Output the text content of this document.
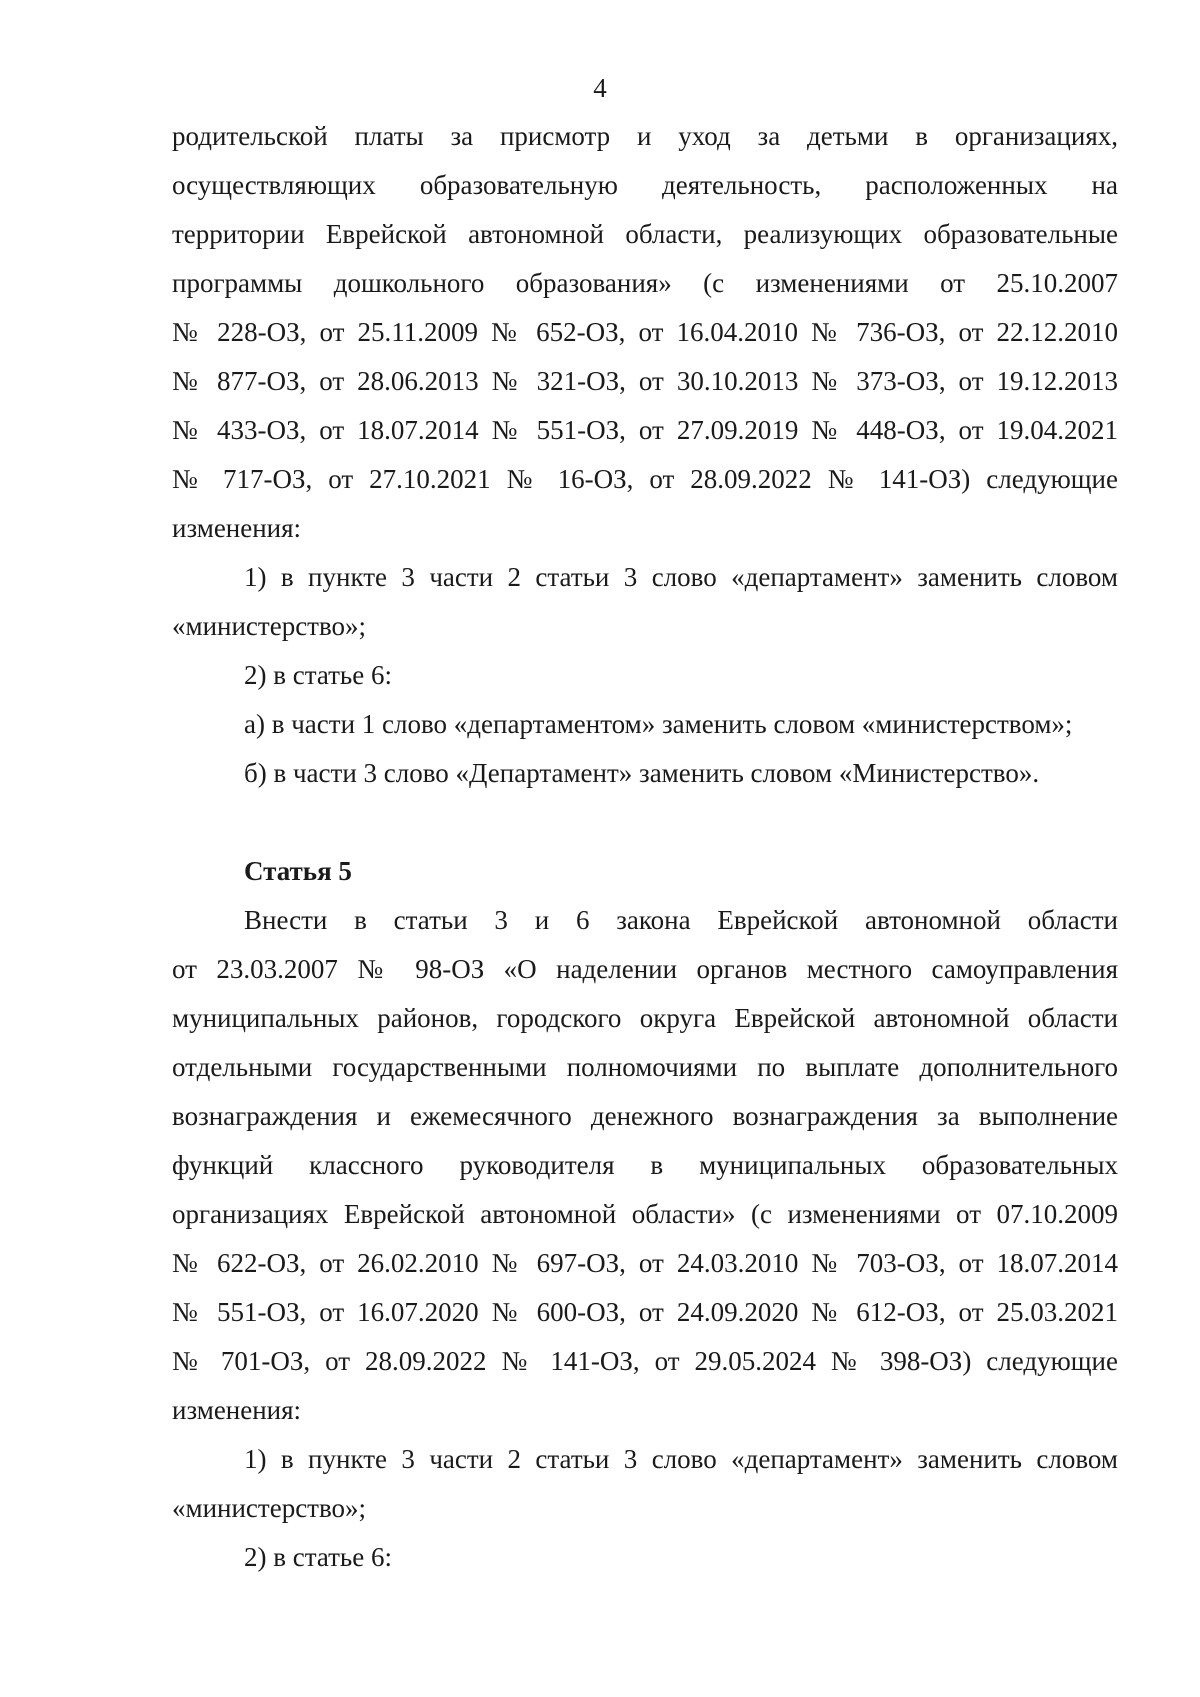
4
родительской платы за присмотр и уход за детьми в организациях,
осуществляющих образовательную деятельность, расположенных на
территории Еврейской автономной области, реализующих образовательные
программы дошкольного образования» (с изменениями от 25.10.2007
№ 228-ОЗ, от 25.11.2009 № 652-ОЗ, от 16.04.2010 № 736-ОЗ, от 22.12.2010
№ 877-ОЗ, от 28.06.2013 № 321-ОЗ, от 30.10.2013 № 373-ОЗ, от 19.12.2013
№ 433-ОЗ, от 18.07.2014 № 551-ОЗ, от 27.09.2019 № 448-ОЗ, от 19.04.2021
№ 717-ОЗ, от 27.10.2021 № 16-ОЗ, от 28.09.2022 № 141-ОЗ) следующие
изменения:
1) в пункте 3 части 2 статьи 3 слово «департамент» заменить словом
«министерство»;
2) в статье 6:
а) в части 1 слово «департаментом» заменить словом «министерством»;
б) в части 3 слово «Департамент» заменить словом «Министерство».
Статья 5
Внести в статьи 3 и 6 закона Еврейской автономной области
от 23.03.2007 № 98-ОЗ «О наделении органов местного самоуправления
муниципальных районов, городского округа Еврейской автономной области
отдельными государственными полномочиями по выплате дополнительного
вознаграждения и ежемесячного денежного вознаграждения за выполнение
функций классного руководителя в муниципальных образовательных
организациях Еврейской автономной области» (с изменениями от 07.10.2009
№ 622-ОЗ, от 26.02.2010 № 697-ОЗ, от 24.03.2010 № 703-ОЗ, от 18.07.2014
№ 551-ОЗ, от 16.07.2020 № 600-ОЗ, от 24.09.2020 № 612-ОЗ, от 25.03.2021
№ 701-ОЗ, от 28.09.2022 № 141-ОЗ, от 29.05.2024 № 398-ОЗ) следующие
изменения:
1) в пункте 3 части 2 статьи 3 слово «департамент» заменить словом
«министерство»;
2) в статье 6:
